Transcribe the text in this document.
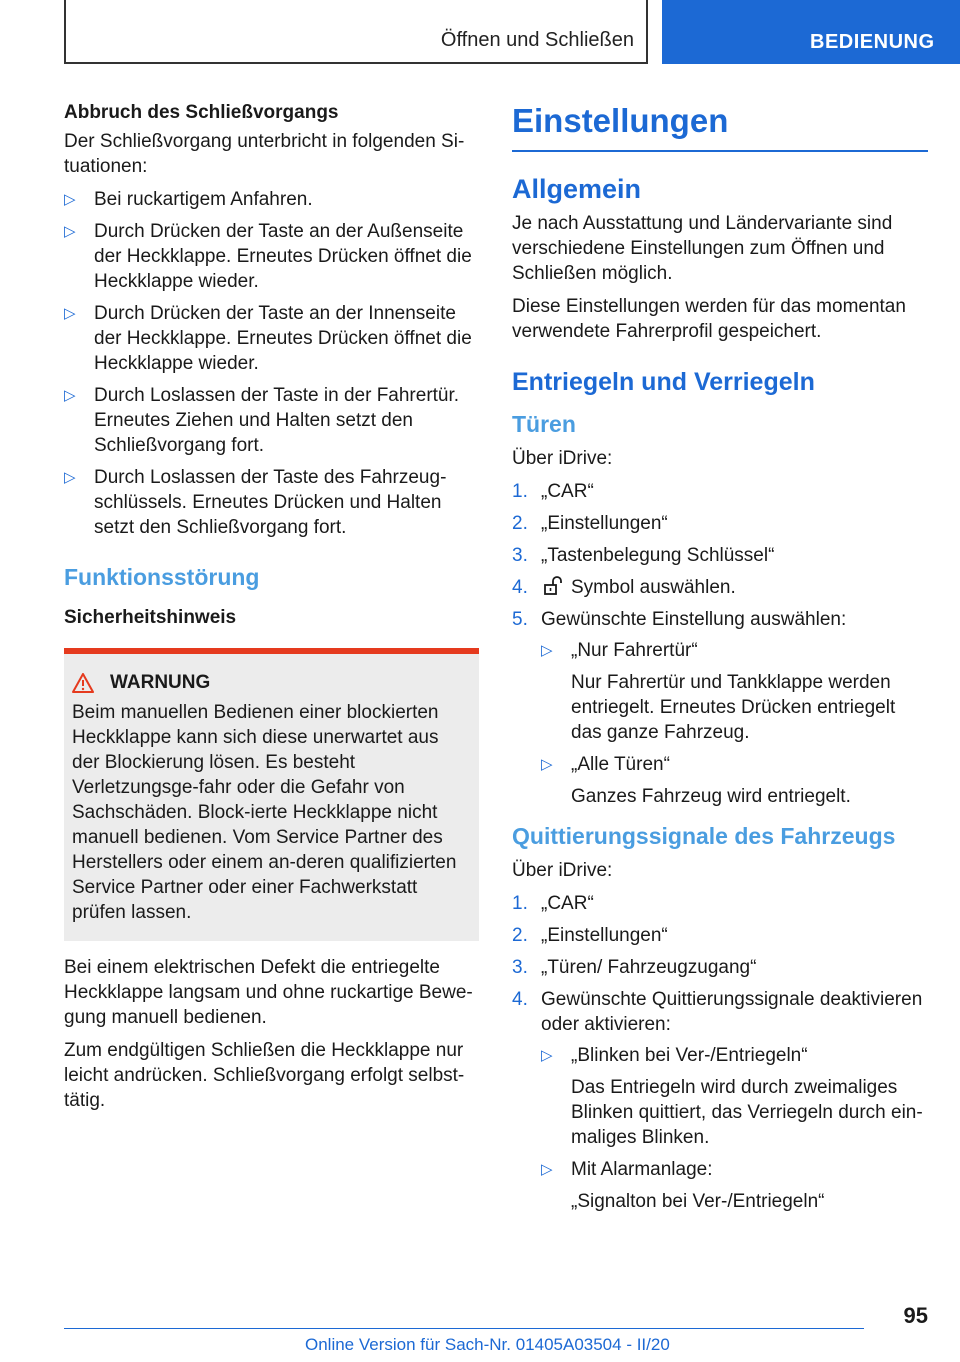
Öffnen und Schließen	BEDIENUNG
Abbruch des Schließvorgangs

Der Schließvorgang unterbricht in folgenden Si-tuationen:

▷ Bei ruckartigem Anfahren.
▷ Durch Drücken der Taste an der Außenseite der Heckklappe. Erneutes Drücken öffnet die Heckklappe wieder.
▷ Durch Drücken der Taste an der Innenseite der Heckklappe. Erneutes Drücken öffnet die Heckklappe wieder.
▷ Durch Loslassen der Taste in der Fahrertür. Erneutes Ziehen und Halten setzt den Schließvorgang fort.
▷ Durch Loslassen der Taste des Fahrzeug-schlüssels. Erneutes Drücken und Halten setzt den Schließvorgang fort.
Funktionsstörung
Sicherheitshinweis
WARNUNG

Beim manuellen Bedienen einer blockierten Heckklappe kann sich diese unerwartet aus der Blockierung lösen. Es besteht Verletzungsge-fahr oder die Gefahr von Sachschäden. Block-ierte Heckklappe nicht manuell bedienen. Vom Service Partner des Herstellers oder einem an-deren qualifizierten Service Partner oder einer Fachwerkstatt prüfen lassen.

Bei einem elektrischen Defekt die entriegelte Heckklappe langsam und ohne ruckartige Bewe-gung manuell bedienen.

Zum endgültigen Schließen die Heckklappe nur leicht andrücken. Schließvorgang erfolgt selbst-tätig.

Einstellungen
Allgemein

Je nach Ausstattung und Ländervariante sind verschiedene Einstellungen zum Öffnen und Schließen möglich.

Diese Einstellungen werden für das momentan verwendete Fahrerprofil gespeichert.

Entriegeln und Verriegeln
Türen

Über iDrive:

1. „CAR“
2. „Einstellungen“
3. „Tastenbelegung Schlüssel“
4. Symbol auswählen.
5. Gewünschte Einstellung auswählen:
▷ „Nur Fahrertür“
Nur Fahrertür und Tankklappe werden entriegelt. Erneutes Drücken entriegelt das ganze Fahrzeug.
▷ „Alle Türen“
Ganzes Fahrzeug wird entriegelt.
Quittierungssignale des Fahrzeugs

Über iDrive:

1. „CAR“
2. „Einstellungen“
3. „Türen/ Fahrzeugzugang“
4. Gewünschte Quittierungssignale deaktivieren oder aktivieren:
▷ „Blinken bei Ver-/Entriegeln“
Das Entriegeln wird durch zweimaliges Blinken quittiert, das Verriegeln durch ein-maliges Blinken.
▷ Mit Alarmanlage:
„Signalton bei Ver-/Entriegeln“
95
Online Version für Sach-Nr. 01405A03504 - II/20
